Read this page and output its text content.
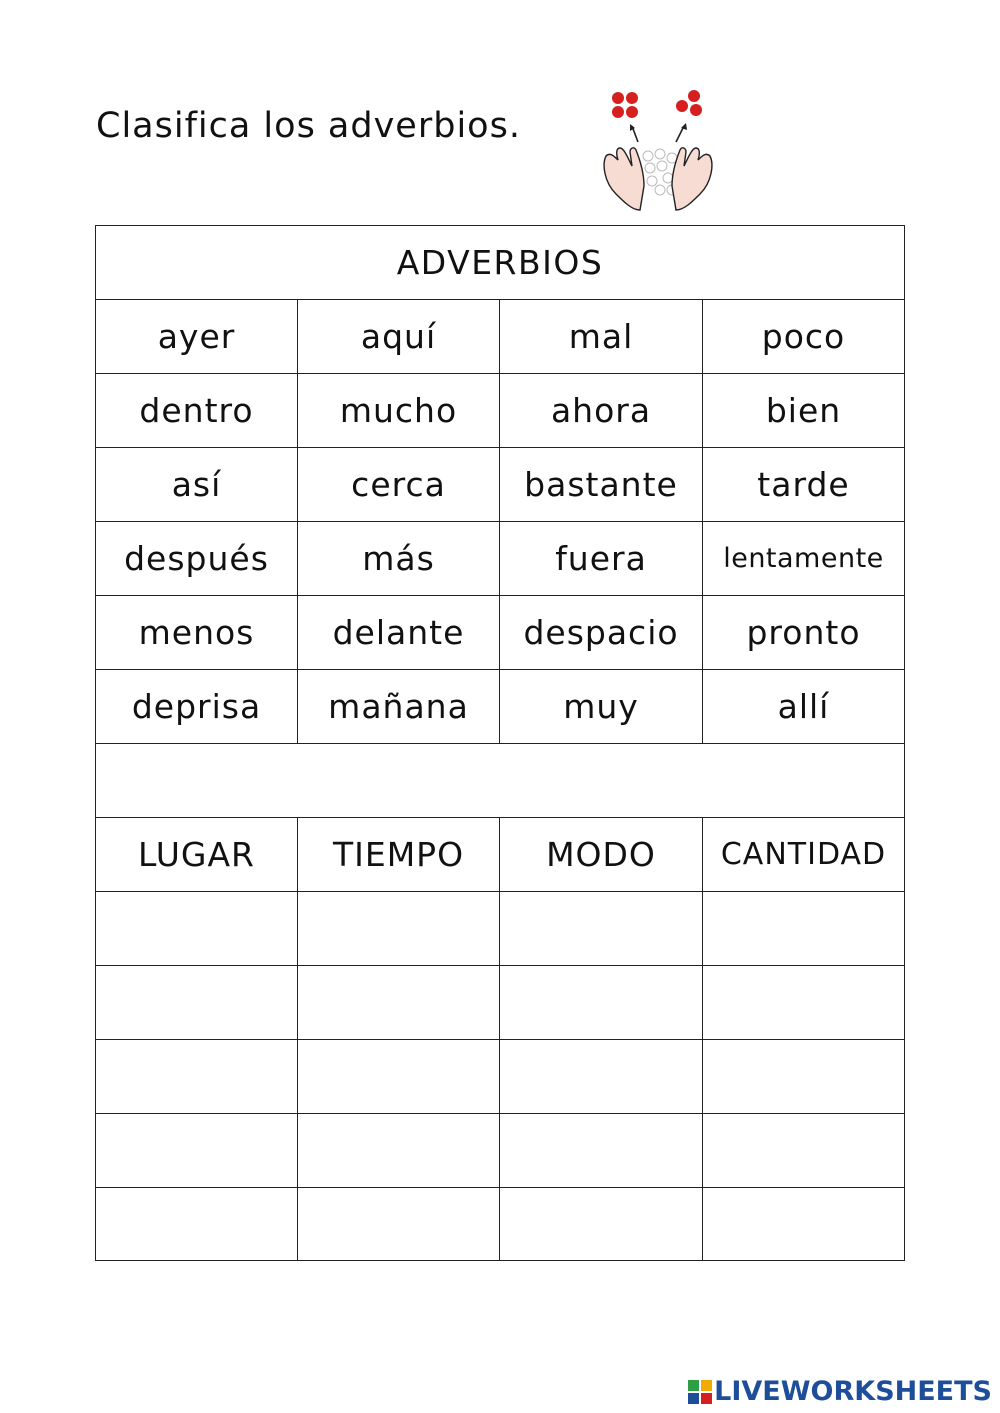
Clasifica los adverbios.
ADVERBIOS			
ayer	aquí	mal	poco
dentro	mucho	ahora	bien
así	cerca	bastante	tarde
después	más	fuera	lentamente
menos	delante	despacio	pronto
deprisa	mañana	muy	allí

LUGAR	TIEMPO	MODO	CANTIDAD

LIVEWORKSHEETS
